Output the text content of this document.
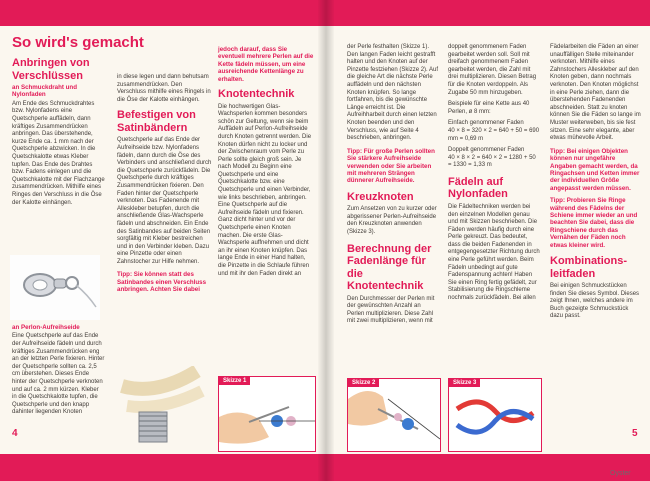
So wird's gemacht
Anbringen von Verschlüssen
an Schmuckdraht und Nylonfaden

Am Ende des Schmuckdrahtes bzw. Nylonfadens eine Quetschperle auffädeln, dann kräftiges Zusammendrücken anbringen. Das überstehende, kurze Ende ca. 1 mm nach der Quetschperle abzwicken. In die Quetschkalotte etwas Kleber tupfen. Das Ende des Drahtes bzw. Fadens einlegen und die Quetschkalotte mit der Flachzange zusammendrücken. Mithilfe eines Ringes den Verschluss in die Öse der Kalotte einhängen.

an Perlon-Aufreihseide

Eine Quetschperle auf das Ende der Aufreihseide fädeln und durch kräftiges Zusammendrücken eng an der letzten Perle fixieren. Hinter der Quetschperle sollten ca. 2,5 cm überstehen. Dieses Ende hinter der Quetschperle verknoten und auf ca. 2 mm kürzen. Kleber in die Quetschkalotte tupfen, die Quetschperle und den knapp dahinter liegenden Knoten

in diese legen und dann behutsam zusammendrücken. Den Verschluss mithilfe eines Ringels in die Öse der Kalotte einhängen.

Befestigen von Satinbändern

Quetschperle auf das Ende der Aufreihseide bzw. Nylonfadens fädeln, dann durch die Öse des Verbinders und anschließend durch die Quetschperle zurückfädeln. Die Quetschperle durch kräftiges Zusammendrücken fixieren. Den Faden hinter der Quetschperle verknoten. Das Fadenende mit Alleskleber betupfen, durch die anschließende Glas-Wachsperle fädeln und abschneiden. Ein Ende des Satinbandes auf beiden Seiten sorgfältig mit Kleber bestreichen und in den Verbinder kleben. Dazu eine Pinzette oder einen Zahnstocher zur Hilfe nehmen.

Tipp: Sie können statt des Satinbandes einen Verschluss anbringen. Achten Sie dabei

jedoch darauf, dass Sie eventuell mehrere Perlen auf die Kette fädeln müssen, um eine ausreichende Kettenlänge zu erhalten.

Knotentechnik

Die hochwertigen Glas-Wachsperlen kommen besonders schön zur Geltung, wenn sie beim Auffädeln auf Perlon-Aufreihseide durch Knoten getrennt werden. Die Knoten dürfen nicht zu locker und der Zwischenraum vom Perle zu Perle sollte gleich groß sein. Je nach Modell zu Beginn eine Quetschperle und eine Quetschkalotte bzw. eine Quetschperle und einen Verbinder, wie links beschrieben, anbringen. Eine Quetschperle auf die Aufreihseide fädeln und fixieren. Ganz dicht hinter und vor der Quetschperle einen Knoten machen. Die erste Glas-Wachsperle auffnehmen und dicht an ihr einen Knoten knüpfen. Das lange Ende in einer Hand halten, die Pinzette in die Schlaufe führen und mit ihr den Faden direkt an

Skizze 1
4

der Perle festhalten (Skizze 1). Den langen Faden leicht gestrafft halten und den Knoten auf der Pinzette festziehen (Skizze 2). Auf die gleiche Art die nächste Perle auffädeln und den nächsten Knoten knüpfen. So lange fortfahren, bis die gewünschte Länge erreicht ist. Die Aufreihharbeit durch einen letzten Knoten beenden und den Verschluss, wie auf Seite 4 beschrieben, anbringen.

Tipp: Für große Perlen sollten Sie stärkere Aufreihseide verwenden oder Sie arbeiten mit mehreren Strängen dünnerer Aufreihseide.

Kreuzknoten

Zum Ansetzen von zu kurzer oder abgerissener Perlen-Aufreihseide den Kreuzknoten anwenden (Skizze 3).

Berechnung der Fadenlänge für die Knotentechnik

Den Durchmesser der Perlen mit der gewünschten Anzahl an Perlen multiplizieren. Diese Zahl mit zwei multiplizieren, wenn mit

doppelt genommenem Faden gearbeitet werden soll. Soll mit dreifach genommenem Faden gearbeitet werden, die Zahl mit drei multiplizieren. Diesen Betrag für die Knoten verdoppeln. Als Zugabe 50 mm hinzugeben.

Beispiele für eine Kette aus 40 Perlen, ø 8 mm:

Einfach genommener Faden

40 × 8 = 320 × 2 = 640 + 50 = 690 mm = 0,69 m

Doppelt genommener Faden

40 × 8 × 2 = 640 × 2 = 1280 + 50 = 1330 = 1,33 m

Fädeln auf Nylonfaden

Die Fädeltechniken werden bei den einzelnen Modellen genau und mit Skizzen beschrieben. Die Fäden werden häufig durch eine Perle gekreuzt. Das bedeutet, dass die beiden Fadenenden in entgegengesetzter Richtung durch eine Perle geführt werden. Beim Fädeln unbedingt auf gute Fadenspannung achten! Haben Sie einen Ring fertig gefädelt, zur Stabilisierung die Ringschleme nochmals zurückfädeln. Bei allen

Fädelarbeiten die Fäden an einer unauffälligen Stelle miteinander verknoten. Mithilfe eines Zahnstochers Alleskleber auf den Knoten geben, dann nochmals verknoten. Den Knoten möglichst in eine Perle ziehen, dann die überstehenden Fadenenden abschneiden. Statt zu knoten können Sie die Fäden so lange im Muster weiterweben, bis sie fest sitzen. Eine sehr elegante, aber etwas mühevolle Arbeit.

Tipp: Bei einigen Objekten können nur ungefähre Angaben gemacht werden, da Ringachsen und Ketten immer der individuellen Größe angepasst werden müssen.

Tipp: Probieren Sie Ringe während des Fädelns der Schiene immer wieder an und beachten Sie dabei, dass die Ringschiene durch das Vernähen der Fäden noch etwas kleiner wird.

Kombinations-leitfaden

Bei einigen Schmuckstücken finden Sie dieses Symbol. Dieses zeigt Ihnen, welches andere im Buch gezeigte Schmuckstück dazu passt.

Skizze 2	Skizze 3
5
Oyster
